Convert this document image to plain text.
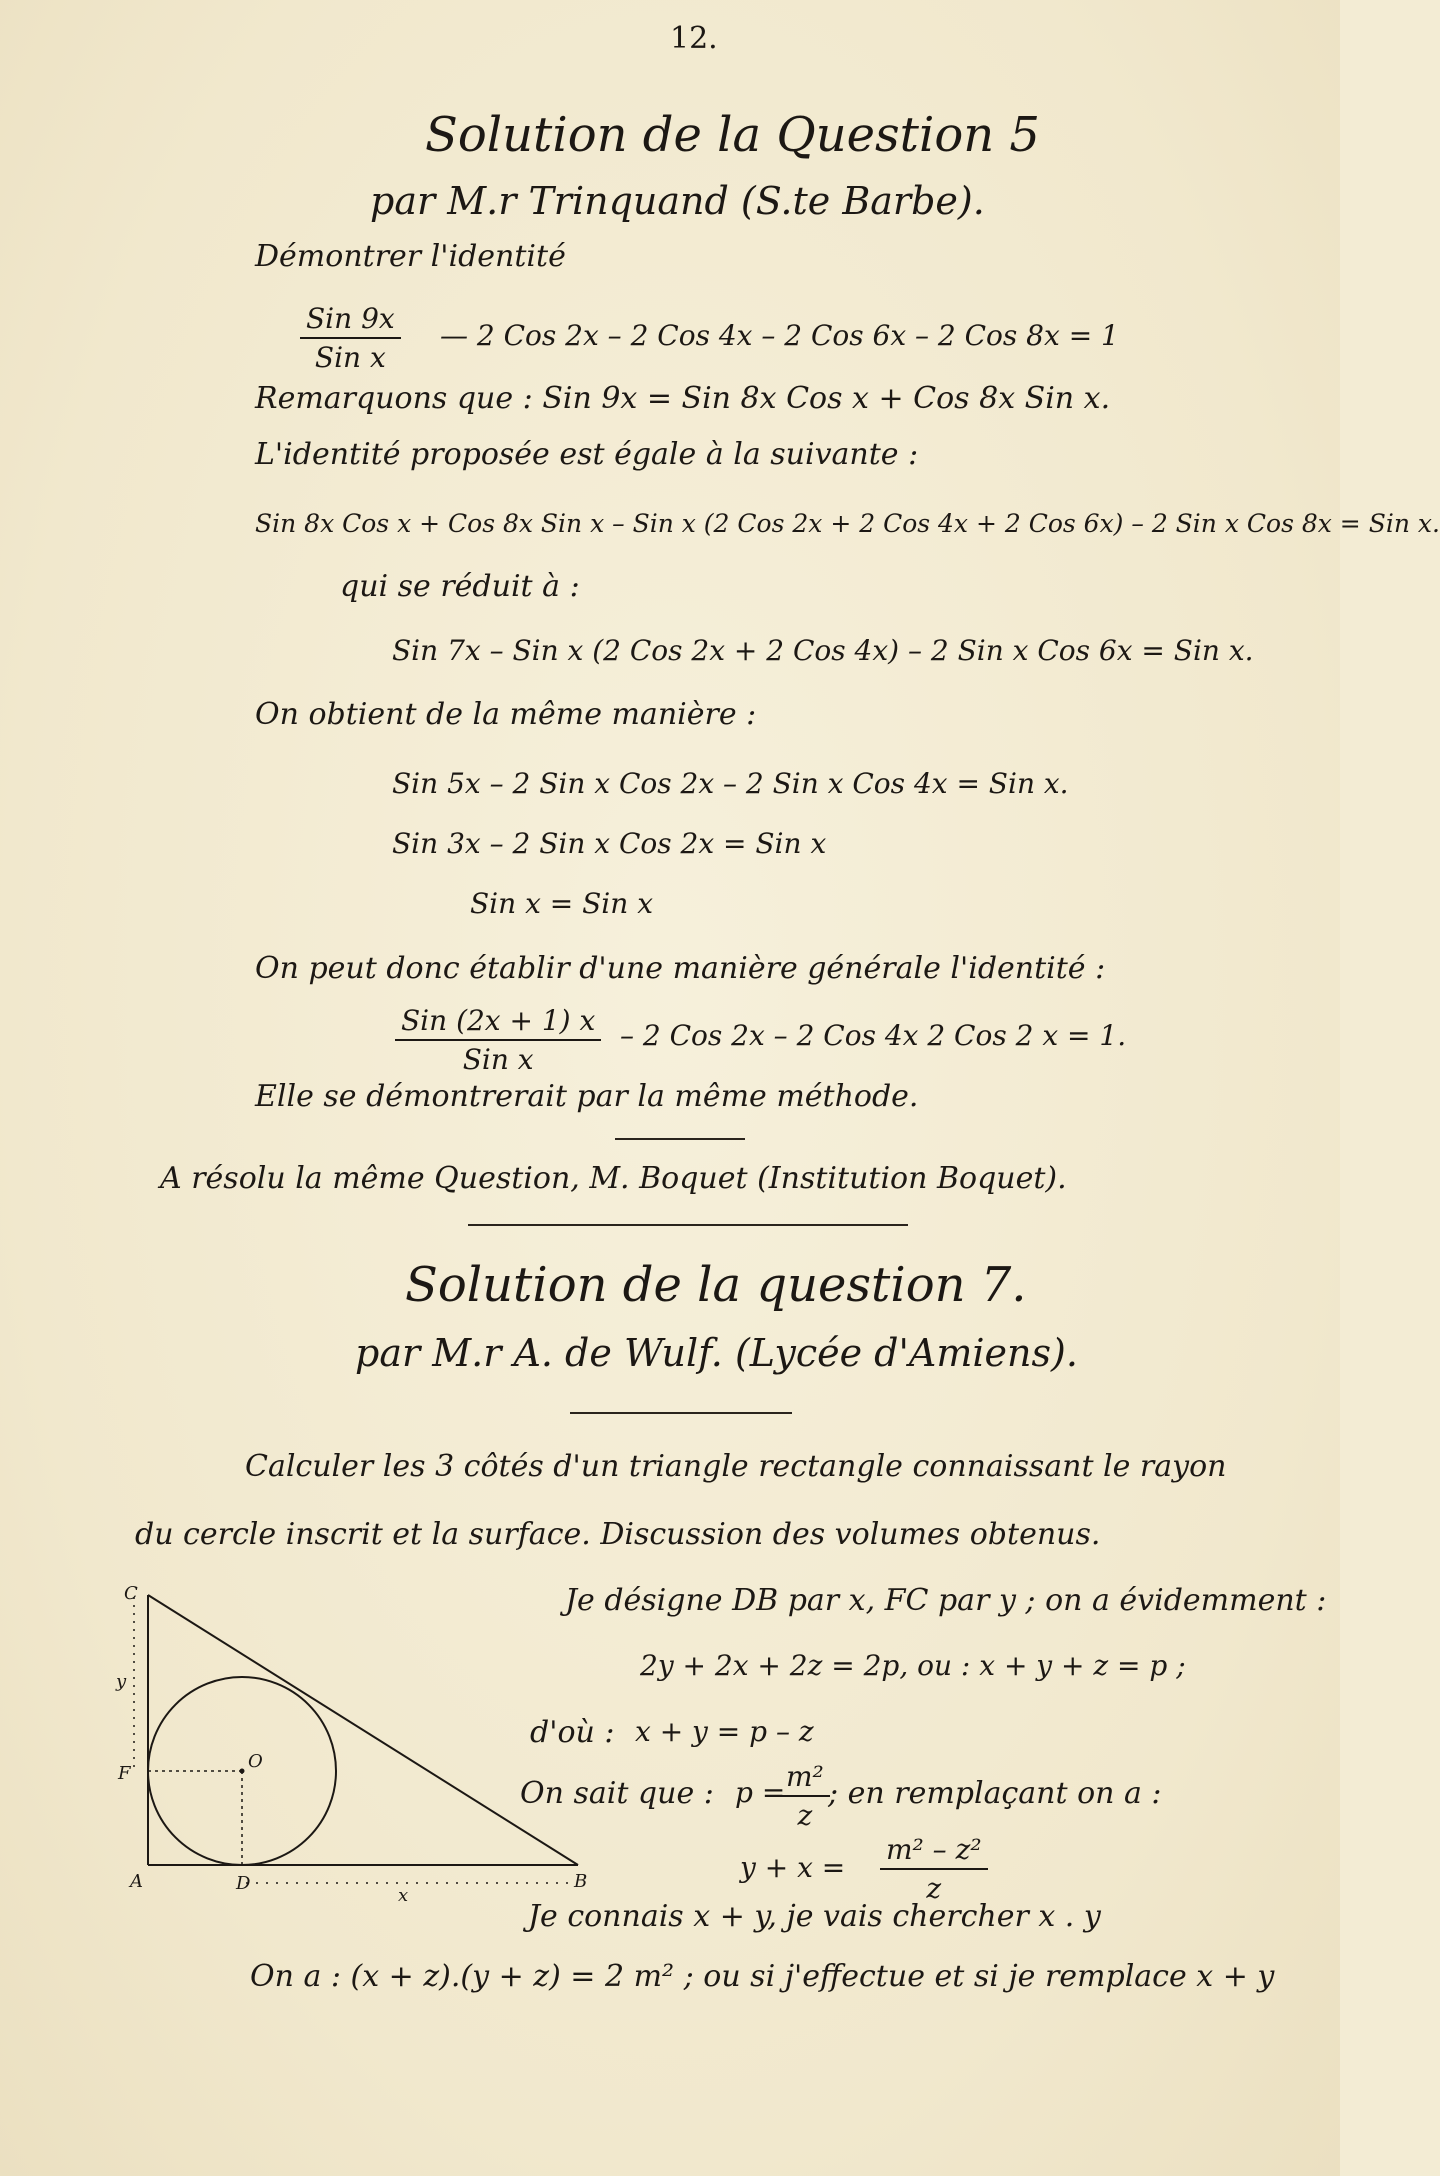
12.
Solution de la Question 5
par M.r Trinquand (S.te Barbe).
Démontrer l'identité
Sin 9x
Sin x
— 2 Cos 2x – 2 Cos 4x – 2 Cos 6x – 2 Cos 8x = 1
Remarquons que : Sin 9x = Sin 8x Cos x + Cos 8x Sin x.
L'identité proposée est égale à la suivante :
Sin 8x Cos x + Cos 8x Sin x – Sin x (2 Cos 2x + 2 Cos 4x + 2 Cos 6x) – 2 Sin x Cos 8x = Sin x.
qui se réduit à :
Sin 7x – Sin x (2 Cos 2x + 2 Cos 4x) – 2 Sin x Cos 6x = Sin x.
On obtient de la même manière :
Sin 5x – 2 Sin x Cos 2x – 2 Sin x Cos 4x = Sin x.
Sin 3x – 2 Sin x Cos 2x = Sin x
Sin x = Sin x
On peut donc établir d'une manière générale l'identité :
Sin (2x + 1) x
Sin x
– 2 Cos 2x – 2 Cos 4x 2 Cos 2 x = 1.
Elle se démontrerait par la même méthode.
A résolu la même Question, M. Boquet (Institution Boquet).
Solution de la question 7.
par M.r A. de Wulf. (Lycée d'Amiens).
Calculer les 3 côtés d'un triangle rectangle connaissant le rayon
du cercle inscrit et la surface. Discussion des volumes obtenus.
Je désigne DB par x, FC par y ; on a évidemment :
2y + 2x + 2z = 2p, ou : x + y + z = p ;
d'où : x + y = p – z
On sait que : p =
$\frac{\text{m²}}{z}$
; en remplaçant on a :
$y + x = \frac{\text{m² – z²}}{z}$
Je connais x + y, je vais chercher x . y
On a : (x + z).(y + z) = 2 m² ; ou si j'effectue et si je remplace x + y
C
F
A	D	B
O
y
x
